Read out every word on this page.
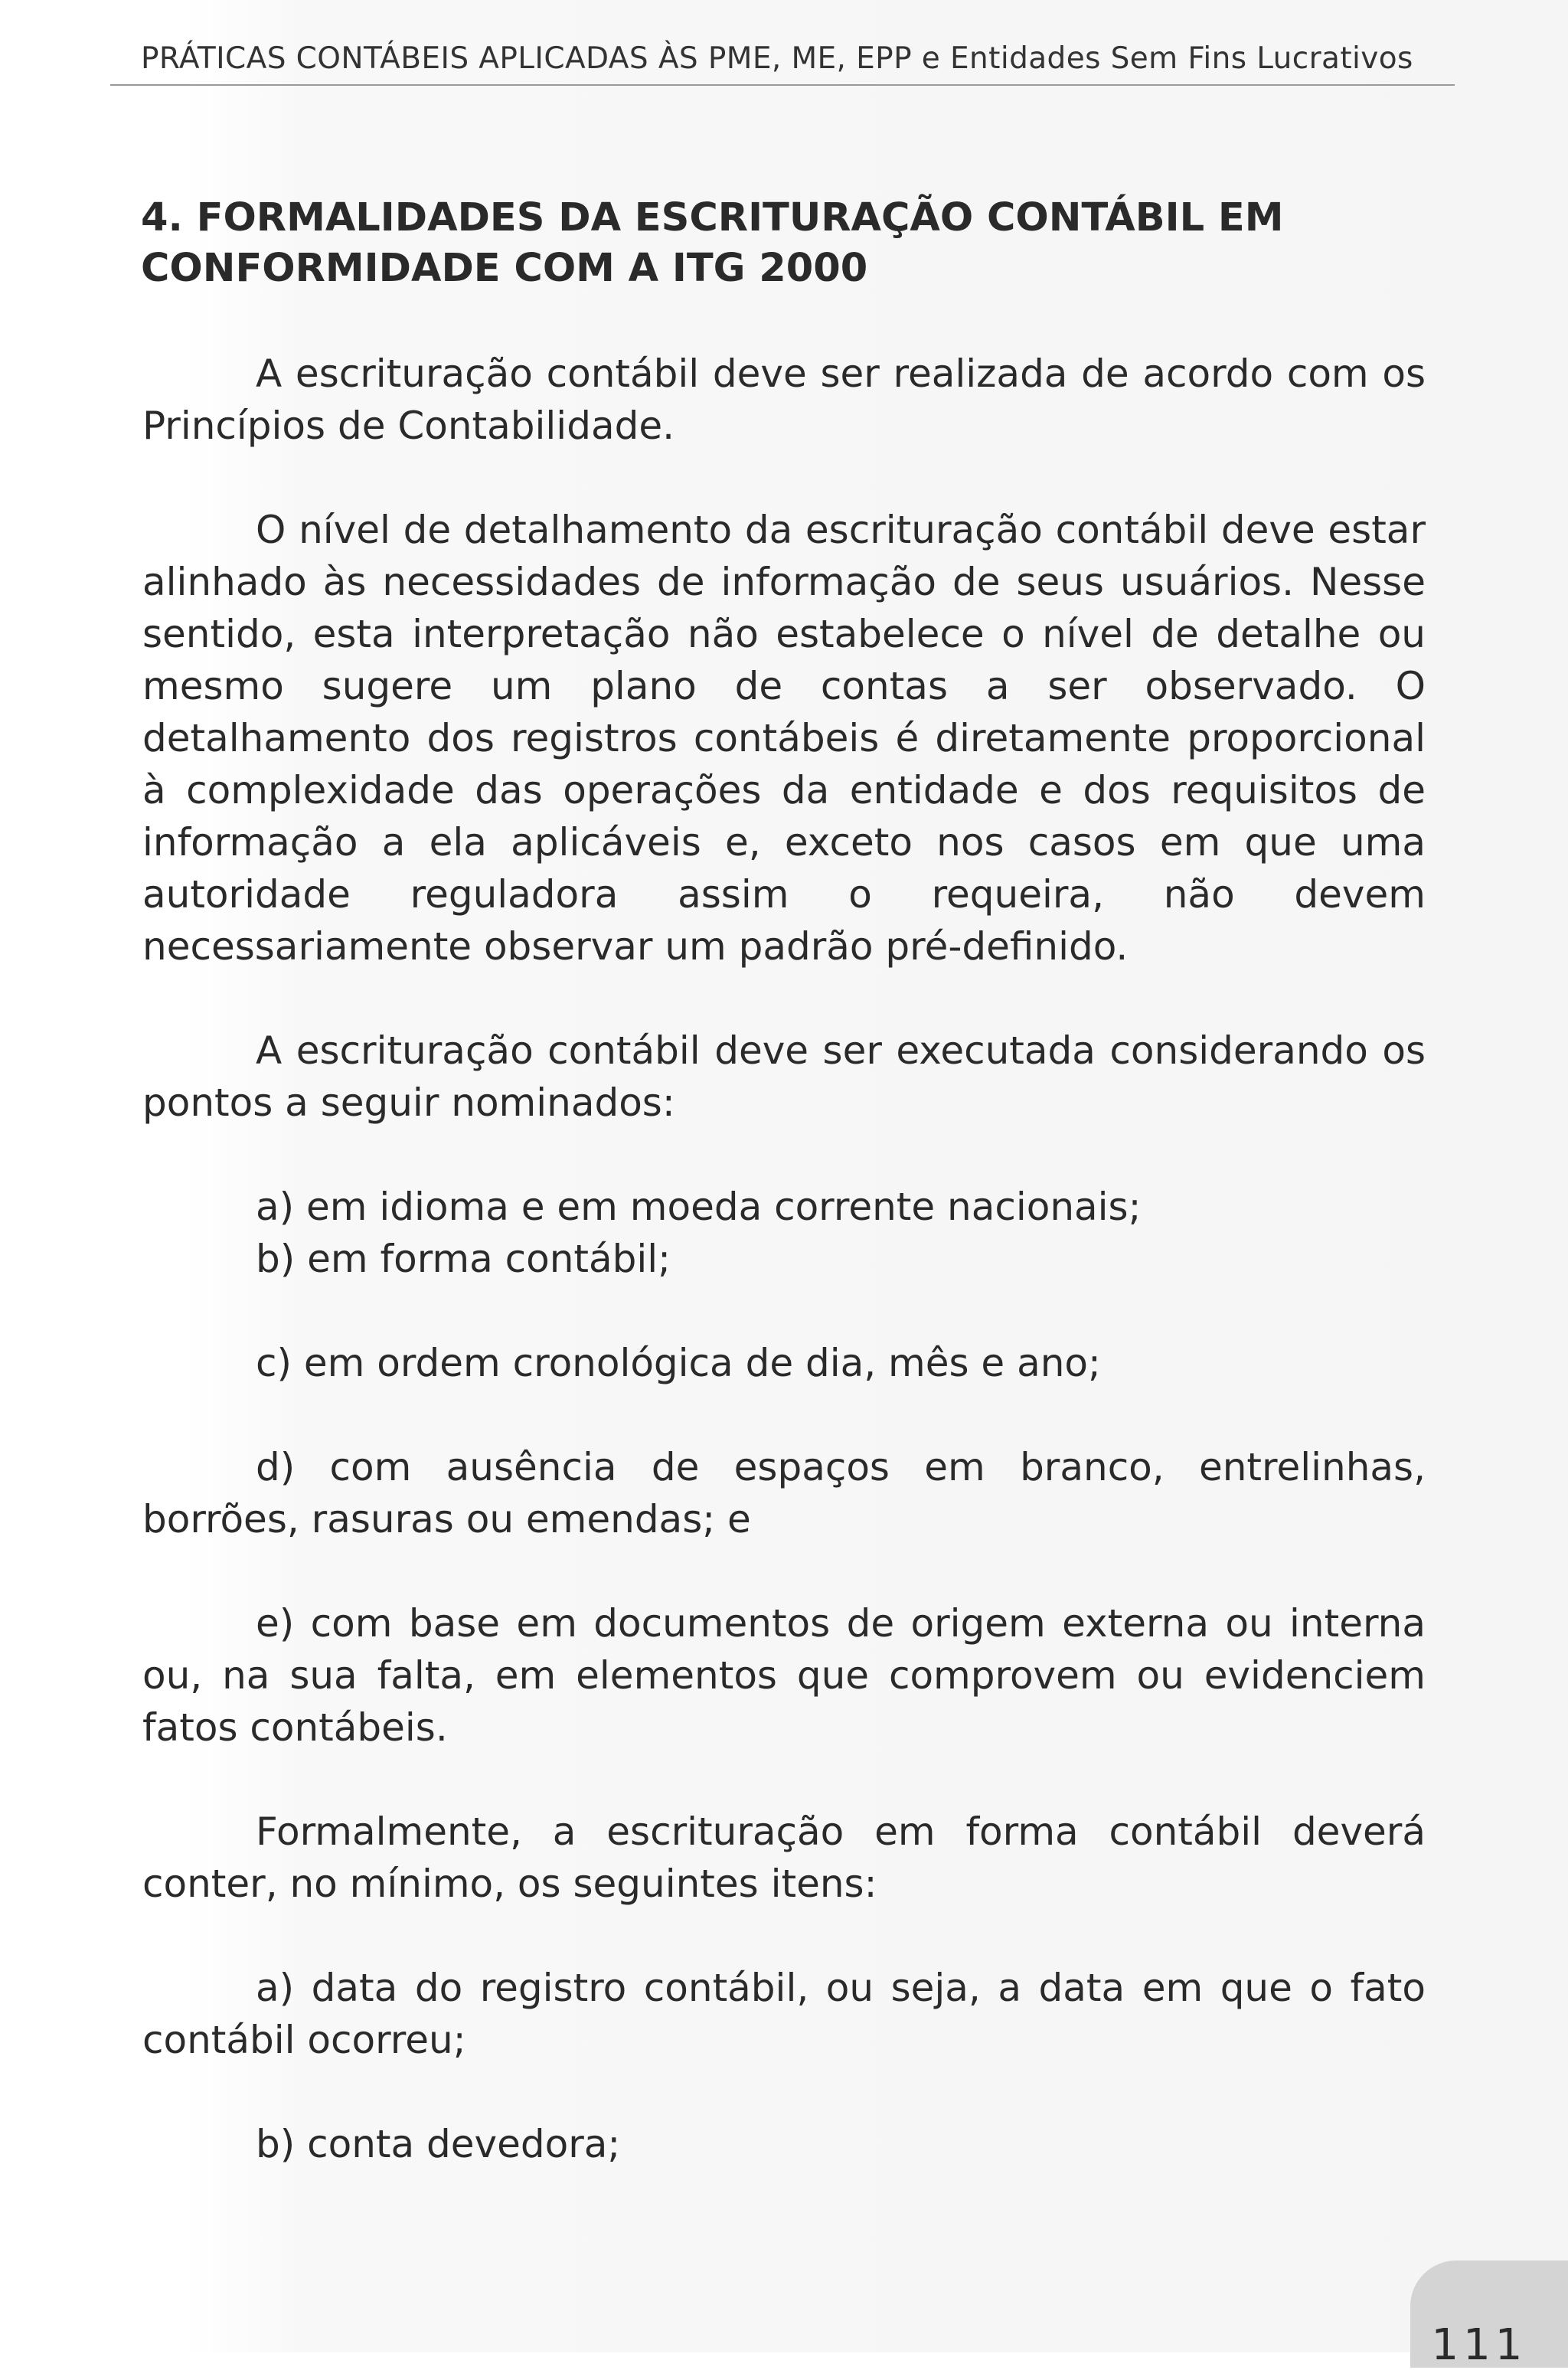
PRÁTICAS CONTÁBEIS APLICADAS ÀS PME, ME, EPP e Entidades Sem Fins Lucrativos
4. FORMALIDADES DA ESCRITURAÇÃO CONTÁBIL EM CONFORMIDADE COM A ITG 2000

A escrituração contábil deve ser realizada de acordo com os Princípios de Contabilidade.

O nível de detalhamento da escrituração contábil deve estar alinhado às necessidades de informação de seus usuários. Nesse sentido, esta interpretação não estabelece o nível de detalhe ou mesmo sugere um plano de contas a ser observado. O detalhamento dos registros contábeis é diretamente proporcional à complexidade das operações da entidade e dos requisitos de informação a ela aplicáveis e, exceto nos casos em que uma autoridade reguladora assim o requeira, não devem necessariamente observar um padrão pré-definido.

A escrituração contábil deve ser executada considerando os pontos a seguir nominados:

a) em idioma e em moeda corrente nacionais;

b) em forma contábil;

c) em ordem cronológica de dia, mês e ano;

d) com ausência de espaços em branco, entrelinhas, borrões, rasuras ou emendas; e

e) com base em documentos de origem externa ou interna ou, na sua falta, em elementos que comprovem ou evidenciem fatos contábeis.

Formalmente, a escrituração em forma contábil deverá conter, no mínimo, os seguintes itens:

a) data do registro contábil, ou seja, a data em que o fato contábil ocorreu;

b) conta devedora;

111
